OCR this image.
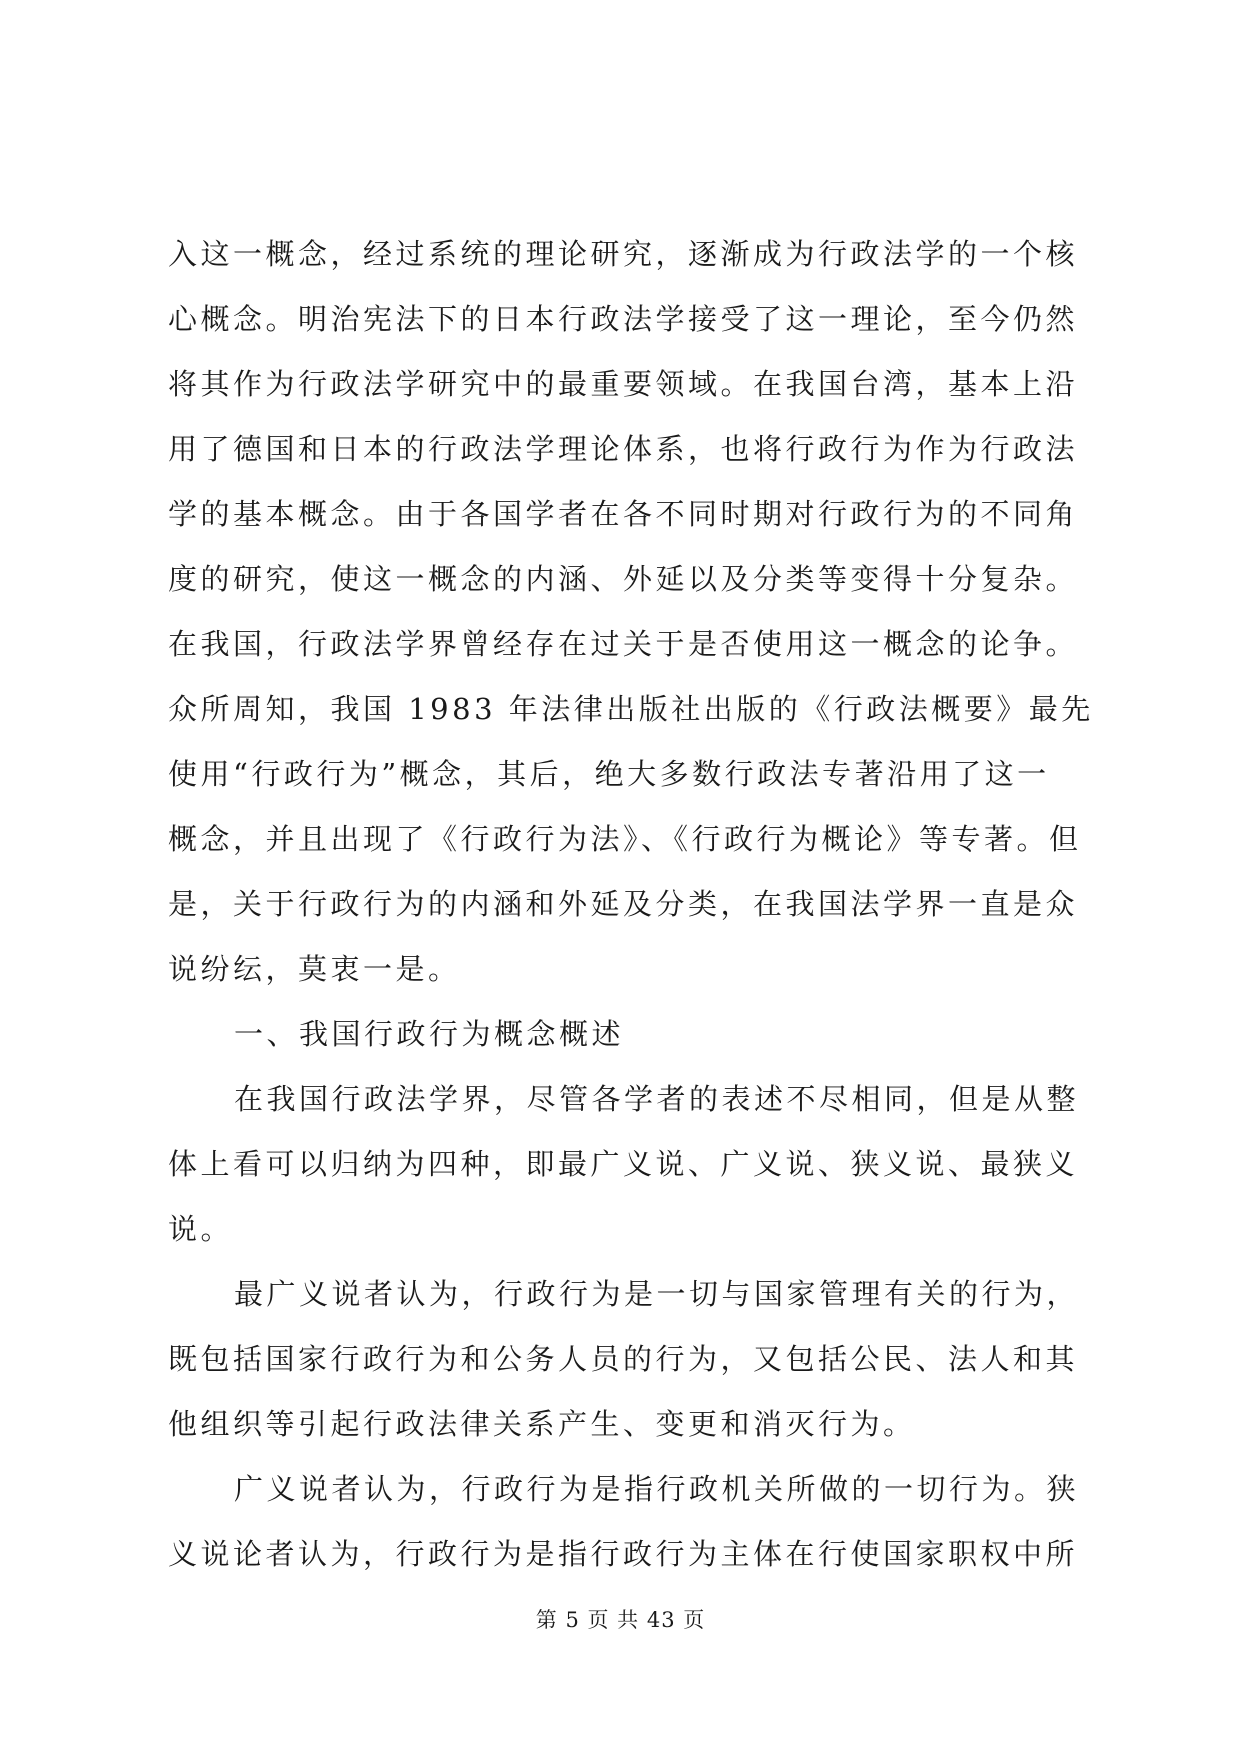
入这一概念，经过系统的理论研究，逐渐成为行政法学的一个核
心概念。明治宪法下的日本行政法学接受了这一理论，至今仍然
将其作为行政法学研究中的最重要领域。在我国台湾，基本上沿
用了德国和日本的行政法学理论体系，也将行政行为作为行政法
学的基本概念。由于各国学者在各不同时期对行政行为的不同角
度的研究，使这一概念的内涵、外延以及分类等变得十分复杂。
在我国，行政法学界曾经存在过关于是否使用这一概念的论争。
众所周知，我国 1983 年法律出版社出版的《行政法概要》最先
使用“行政行为”概念，其后，绝大多数行政法专著沿用了这一
概念，并且出现了《行政行为法》、《行政行为概论》等专著。但
是，关于行政行为的内涵和外延及分类，在我国法学界一直是众
说纷纭，莫衷一是。
一、我国行政行为概念概述
在我国行政法学界，尽管各学者的表述不尽相同，但是从整
体上看可以归纳为四种，即最广义说、广义说、狭义说、最狭义
说。
最广义说者认为，行政行为是一切与国家管理有关的行为，
既包括国家行政行为和公务人员的行为，又包括公民、法人和其
他组织等引起行政法律关系产生、变更和消灭行为。
广义说者认为，行政行为是指行政机关所做的一切行为。狭
义说论者认为，行政行为是指行政行为主体在行使国家职权中所
第 5 页 共 43 页
